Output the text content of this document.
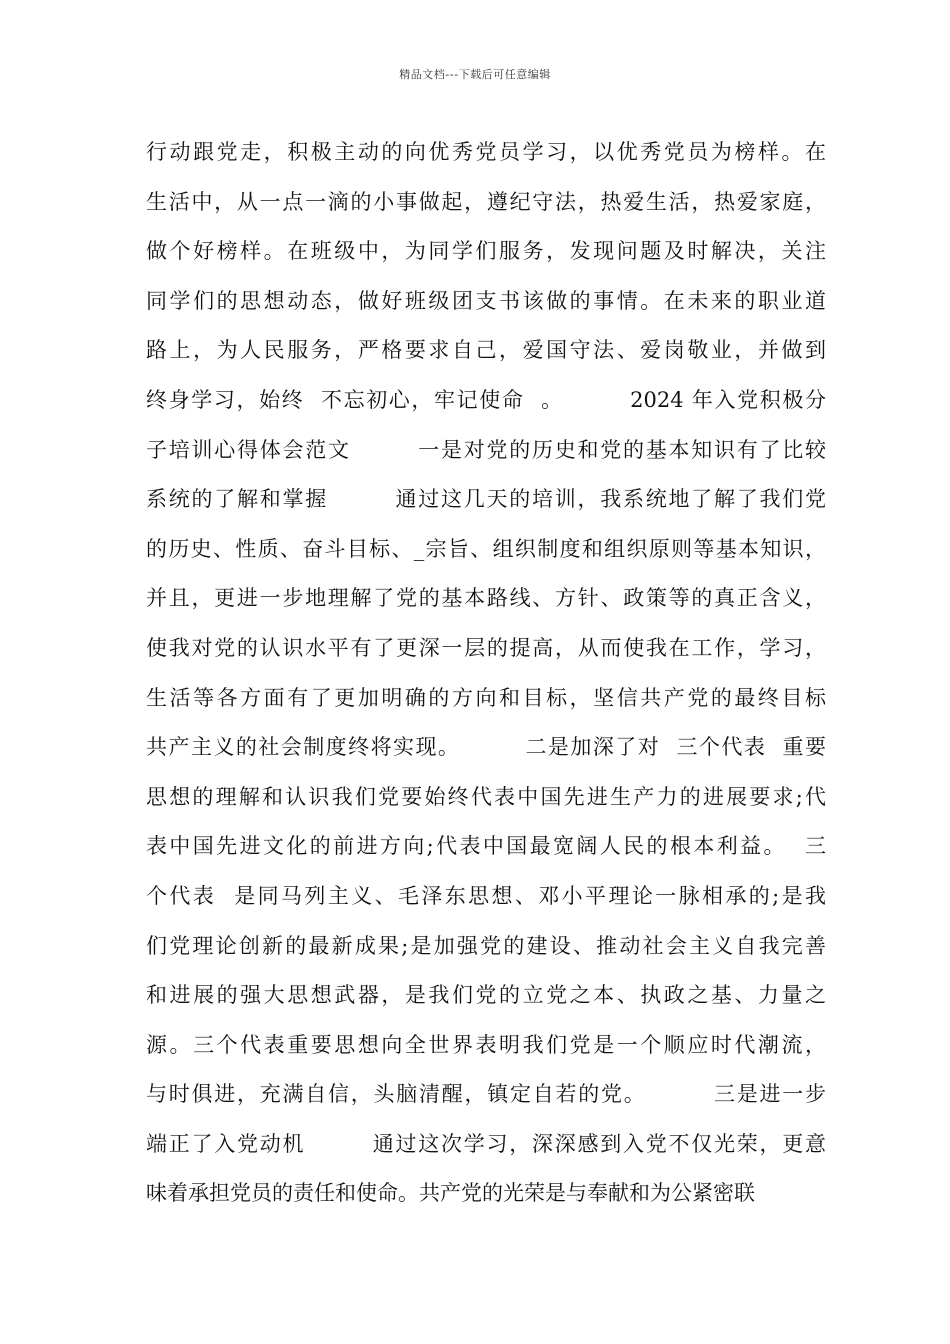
精品文档---下载后可任意编辑
行动跟党走，积极主动的向优秀党员学习，以优秀党员为榜样。在
生活中，从一点一滴的小事做起，遵纪守法，热爱生活，热爱家庭，
做个好榜样。在班级中，为同学们服务，发现问题及时解决，关注
同学们的思想动态，做好班级团支书该做的事情。在未来的职业道
路上，为人民服务，严格要求自己，爱国守法、爱岗敬业，并做到
终身学习，始终  不忘初心，牢记使命  。        2024 年入党积极分
子培训心得体会范文        一是对党的历史和党的基本知识有了比较
系统的了解和掌握        通过这几天的培训，我系统地了解了我们党
的历史、性质、奋斗目标、_宗旨、组织制度和组织原则等基本知识，
并且，更进一步地理解了党的基本路线、方针、政策等的真正含义，
使我对党的认识水平有了更深一层的提高，从而使我在工作，学习，
生活等各方面有了更加明确的方向和目标，坚信共产党的最终目标
共产主义的社会制度终将实现。        二是加深了对  三个代表  重要
思想的理解和认识我们党要始终代表中国先进生产力的进展要求;代
表中国先进文化的前进方向;代表中国最宽阔人民的根本利益。  三
个代表  是同马列主义、毛泽东思想、邓小平理论一脉相承的;是我
们党理论创新的最新成果;是加强党的建设、推动社会主义自我完善
和进展的强大思想武器，是我们党的立党之本、执政之基、力量之
源。三个代表重要思想向全世界表明我们党是一个顺应时代潮流，
与时俱进，充满自信，头脑清醒，镇定自若的党。        三是进一步
端正了入党动机        通过这次学习，深深感到入党不仅光荣，更意
味着承担党员的责任和使命。共产党的光荣是与奉献和为公紧密联
